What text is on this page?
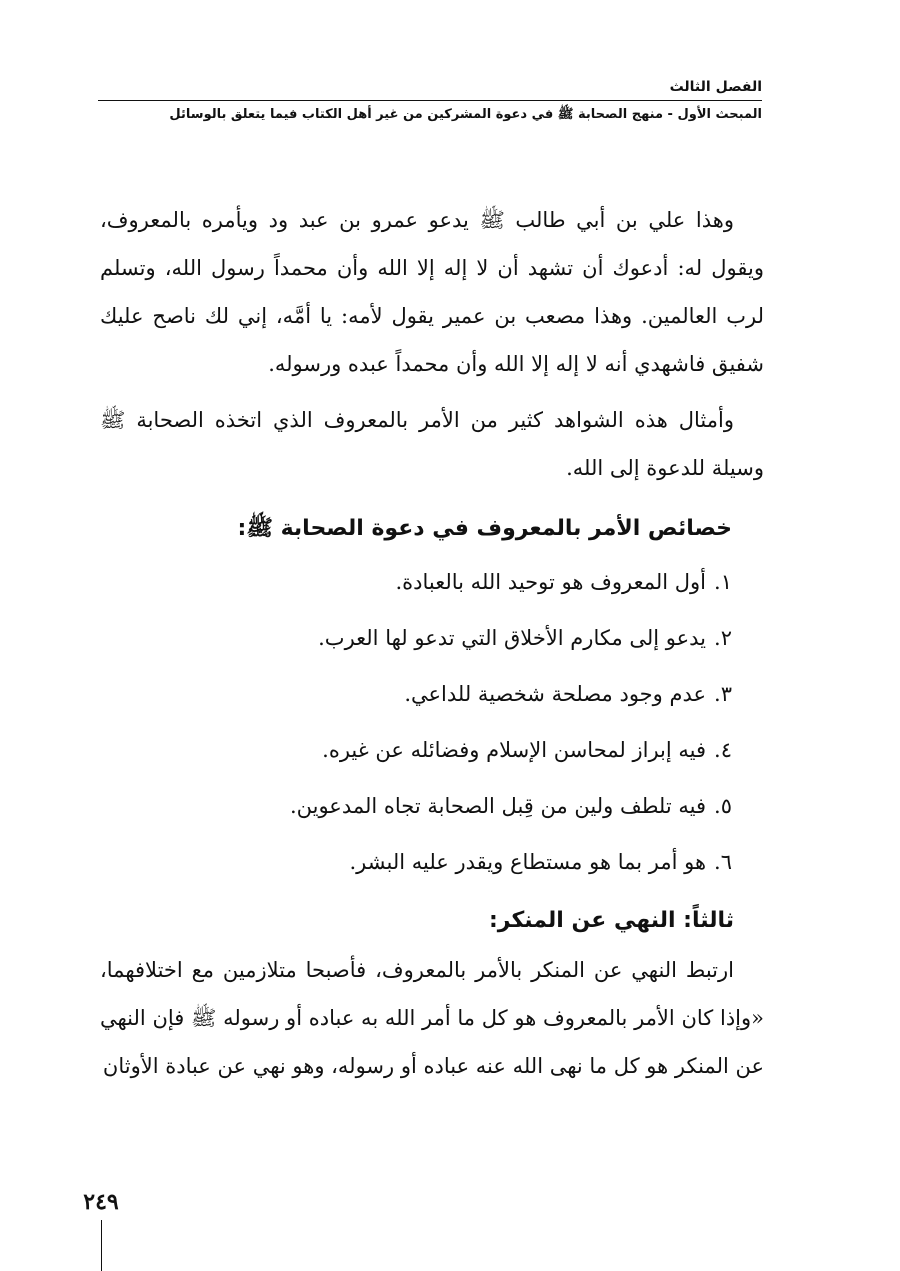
الفصل الثالث
المبحث الأول - منهج الصحابة ﷺ في دعوة المشركين من غير أهل الكتاب فيما يتعلق بالوسائل

وهذا علي بن أبي طالب ﷺ يدعو عمرو بن عبد ود ويأمره بالمعروف، ويقول له: أدعوك أن تشهد أن لا إله إلا الله وأن محمداً رسول الله، وتسلم لرب العالمين. وهذا مصعب بن عمير يقول لأمه: يا أمَّه، إني لك ناصح عليك شفيق فاشهدي أنه لا إله إلا الله وأن محمداً عبده ورسوله.

وأمثال هذه الشواهد كثير من الأمر بالمعروف الذي اتخذه الصحابة ﷺ وسيلة للدعوة إلى الله.

خصائص الأمر بالمعروف في دعوة الصحابة ﷺ:
١.أول المعروف هو توحيد الله بالعبادة.
٢.يدعو إلى مكارم الأخلاق التي تدعو لها العرب.
٣.عدم وجود مصلحة شخصية للداعي.
٤.فيه إبراز لمحاسن الإسلام وفضائله عن غيره.
٥.فيه تلطف ولين من قِبل الصحابة تجاه المدعوين.
٦.هو أمر بما هو مستطاع ويقدر عليه البشر.
ثالثاً: النهي عن المنكر:

ارتبط النهي عن المنكر بالأمر بالمعروف، فأصبحا متلازمين مع اختلافهما، «وإذا كان الأمر بالمعروف هو كل ما أمر الله به عباده أو رسوله ﷺ فإن النهي عن المنكر هو كل ما نهى الله عنه عباده أو رسوله، وهو نهي عن عبادة الأوثان

٢٤٩
